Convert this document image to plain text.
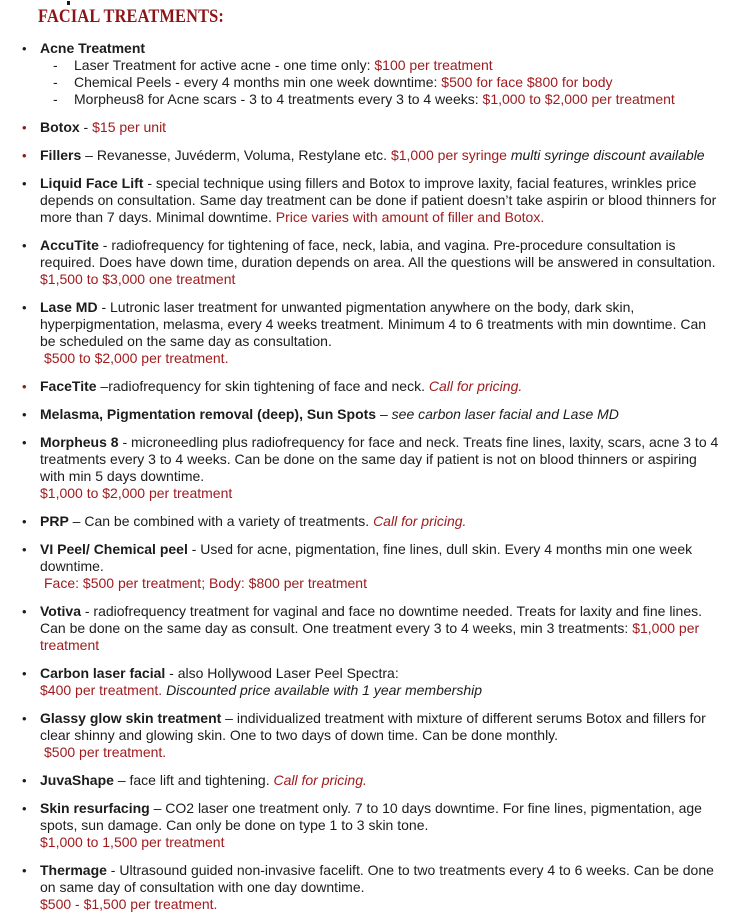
FACIAL TREATMENTS:
• Acne Treatment

-	Laser Treatment for active acne - one time only: $100 per treatment
-	Chemical Peels - every 4 months min one week downtime: $500 for face $800 for body
-	Morpheus8 for Acne scars - 3 to 4 treatments every 3 to 4 weeks: $1,000 to $2,000 per treatment
• Botox - $15 per unit

• Fillers – Revanesse, Juvéderm, Voluma, Restylane etc. $1,000 per syringe multi syringe discount available

• Liquid Face Lift - special technique using fillers and Botox to improve laxity, facial features, wrinkles price depends on consultation. Same day treatment can be done if patient doesn’t take aspirin or blood thinners for more than 7 days. Minimal downtime. Price varies with amount of filler and Botox.

• AccuTite - radiofrequency for tightening of face, neck, labia, and vagina. Pre-procedure consultation is required. Does have down time, duration depends on area. All the questions will be answered in consultation.

$1,500 to $3,000 one treatment

• Lase MD - Lutronic laser treatment for unwanted pigmentation anywhere on the body, dark skin, hyperpigmentation, melasma, every 4 weeks treatment. Minimum 4 to 6 treatments with min downtime. Can be scheduled on the same day as consultation.

$500 to $2,000 per treatment.

• FaceTite –radiofrequency for skin tightening of face and neck. Call for pricing.

• Melasma, Pigmentation removal (deep), Sun Spots – see carbon laser facial and Lase MD

• Morpheus 8 - microneedling plus radiofrequency for face and neck. Treats fine lines, laxity, scars, acne 3 to 4 treatments every 3 to 4 weeks. Can be done on the same day if patient is not on blood thinners or aspiring with min 5 days downtime.

$1,000 to $2,000 per treatment

• PRP – Can be combined with a variety of treatments. Call for pricing.

• VI Peel/ Chemical peel - Used for acne, pigmentation, fine lines, dull skin. Every 4 months min one week downtime.

Face: $500 per treatment; Body: $800 per treatment

• Votiva - radiofrequency treatment for vaginal and face no downtime needed. Treats for laxity and fine lines. Can be done on the same day as consult. One treatment every 3 to 4 weeks, min 3 treatments: $1,000 per treatment

• Carbon laser facial - also Hollywood Laser Peel Spectra:

$400 per treatment. Discounted price available with 1 year membership

• Glassy glow skin treatment – individualized treatment with mixture of different serums Botox and fillers for clear shinny and glowing skin. One to two days of down time. Can be done monthly.

$500 per treatment.

• JuvaShape – face lift and tightening. Call for pricing.

• Skin resurfacing – CO2 laser one treatment only. 7 to 10 days downtime. For fine lines, pigmentation, age spots, sun damage. Can only be done on type 1 to 3 skin tone.

$1,000 to 1,500 per treatment

• Thermage - Ultrasound guided non-invasive facelift. One to two treatments every 4 to 6 weeks. Can be done on same day of consultation with one day downtime.

$500 - $1,500 per treatment.
